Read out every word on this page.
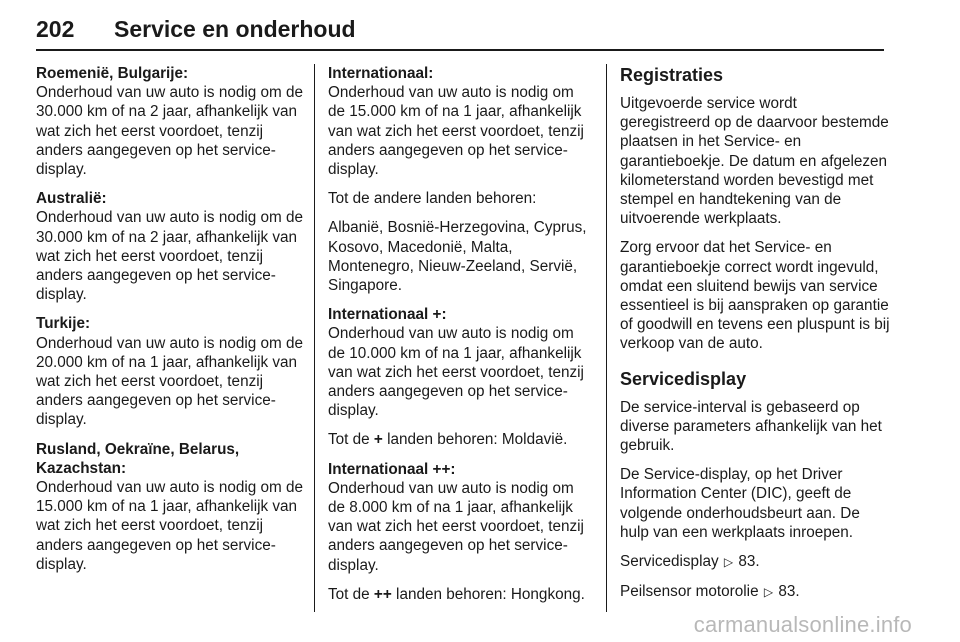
202 Service en onderhoud

Roemenië, Bulgarije:
Onderhoud van uw auto is nodig om de 30.000 km of na 2 jaar, afhankelijk van wat zich het eerst voordoet, tenzij anders aangegeven op het service-display.

Australië:
Onderhoud van uw auto is nodig om de 30.000 km of na 2 jaar, afhankelijk van wat zich het eerst voordoet, tenzij anders aangegeven op het service-display.

Turkije:
Onderhoud van uw auto is nodig om de 20.000 km of na 1 jaar, afhankelijk van wat zich het eerst voordoet, tenzij anders aangegeven op het service-display.

Rusland, Oekraïne, Belarus, Kazachstan:
Onderhoud van uw auto is nodig om de 15.000 km of na 1 jaar, afhankelijk van wat zich het eerst voordoet, tenzij anders aangegeven op het service-display.

Internationaal:
Onderhoud van uw auto is nodig om de 15.000 km of na 1 jaar, afhankelijk van wat zich het eerst voordoet, tenzij anders aangegeven op het service-display.

Tot de andere landen behoren:

Albanië, Bosnië-Herzegovina, Cyprus, Kosovo, Macedonië, Malta, Montenegro, Nieuw-Zeeland, Servië, Singapore.

Internationaal +:
Onderhoud van uw auto is nodig om de 10.000 km of na 1 jaar, afhankelijk van wat zich het eerst voordoet, tenzij anders aangegeven op het service-display.

Tot de + landen behoren: Moldavië.

Internationaal ++:
Onderhoud van uw auto is nodig om de 8.000 km of na 1 jaar, afhankelijk van wat zich het eerst voordoet, tenzij anders aangegeven op het service-display.

Tot de ++ landen behoren: Hongkong.

Registraties

Uitgevoerde service wordt geregistreerd op de daarvoor bestemde plaatsen in het Service- en garantieboekje. De datum en afgelezen kilometerstand worden bevestigd met stempel en handtekening van de uitvoerende werkplaats.

Zorg ervoor dat het Service- en garantieboekje correct wordt ingevuld, omdat een sluitend bewijs van service essentieel is bij aanspraken op garantie of goodwill en tevens een pluspunt is bij verkoop van de auto.

Servicedisplay

De service-interval is gebaseerd op diverse parameters afhankelijk van het gebruik.

De Service-display, op het Driver Information Center (DIC), geeft de volgende onderhoudsbeurt aan. De hulp van een werkplaats inroepen.

Servicedisplay ▷ 83.

Peilsensor motorolie ▷ 83.

carmanualsonline.info
